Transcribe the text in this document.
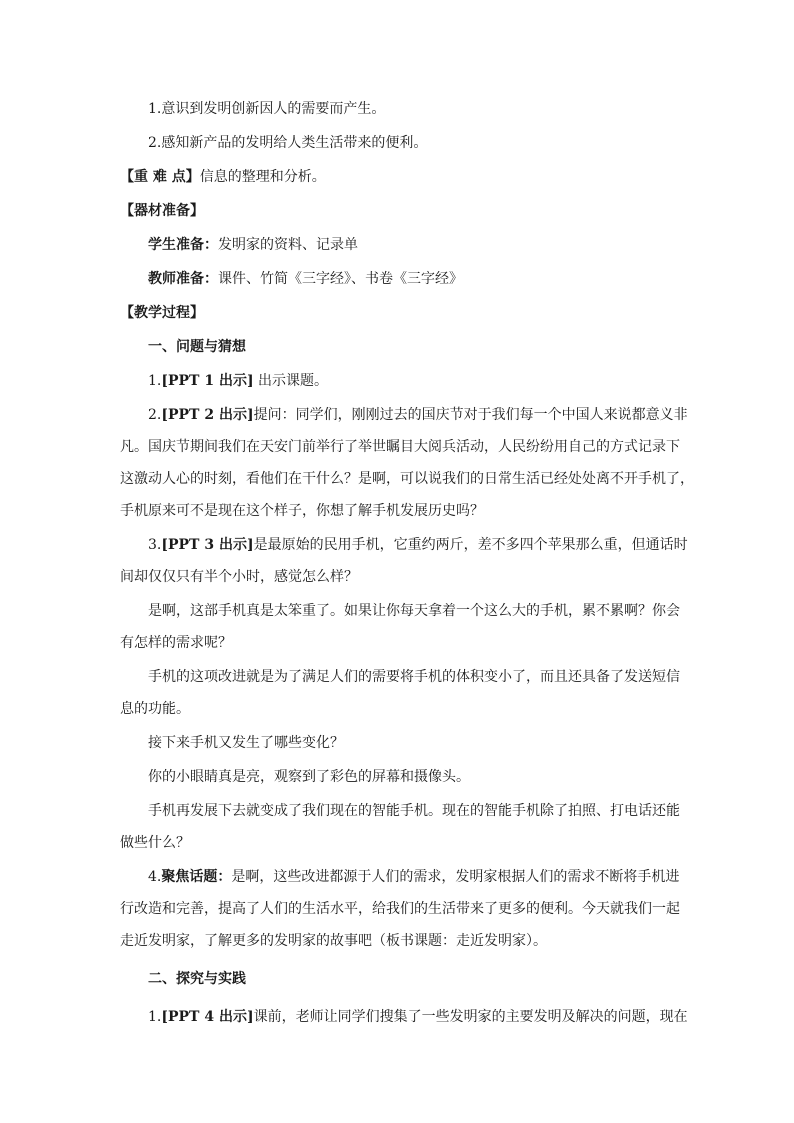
1.意识到发明创新因人的需要而产生。
2.感知新产品的发明给人类生活带来的便利。
【重 难 点】信息的整理和分析。
【器材准备】
学生准备：发明家的资料、记录单
教师准备：课件、竹简《三字经》、书卷《三字经》
【教学过程】
一、问题与猜想
1.[PPT 1 出示] 出示课题。
2.[PPT 2 出示]提问：同学们，刚刚过去的国庆节对于我们每一个中国人来说都意义非
凡。国庆节期间我们在天安门前举行了举世瞩目大阅兵活动，人民纷纷用自己的方式记录下
这激动人心的时刻，看他们在干什么？是啊，可以说我们的日常生活已经处处离不开手机了，
手机原来可不是现在这个样子，你想了解手机发展历史吗？
3.[PPT 3 出示]是最原始的民用手机，它重约两斤，差不多四个苹果那么重，但通话时
间却仅仅只有半个小时，感觉怎么样？
是啊，这部手机真是太笨重了。如果让你每天拿着一个这么大的手机，累不累啊？你会
有怎样的需求呢？
手机的这项改进就是为了满足人们的需要将手机的体积变小了，而且还具备了发送短信
息的功能。
接下来手机又发生了哪些变化？
你的小眼睛真是亮，观察到了彩色的屏幕和摄像头。
手机再发展下去就变成了我们现在的智能手机。现在的智能手机除了拍照、打电话还能
做些什么？
4.聚焦话题：是啊，这些改进都源于人们的需求，发明家根据人们的需求不断将手机进
行改造和完善，提高了人们的生活水平，给我们的生活带来了更多的便利。今天就我们一起
走近发明家，了解更多的发明家的故事吧（板书课题：走近发明家）。
二、探究与实践
1.[PPT 4 出示]课前，老师让同学们搜集了一些发明家的主要发明及解决的问题，现在
